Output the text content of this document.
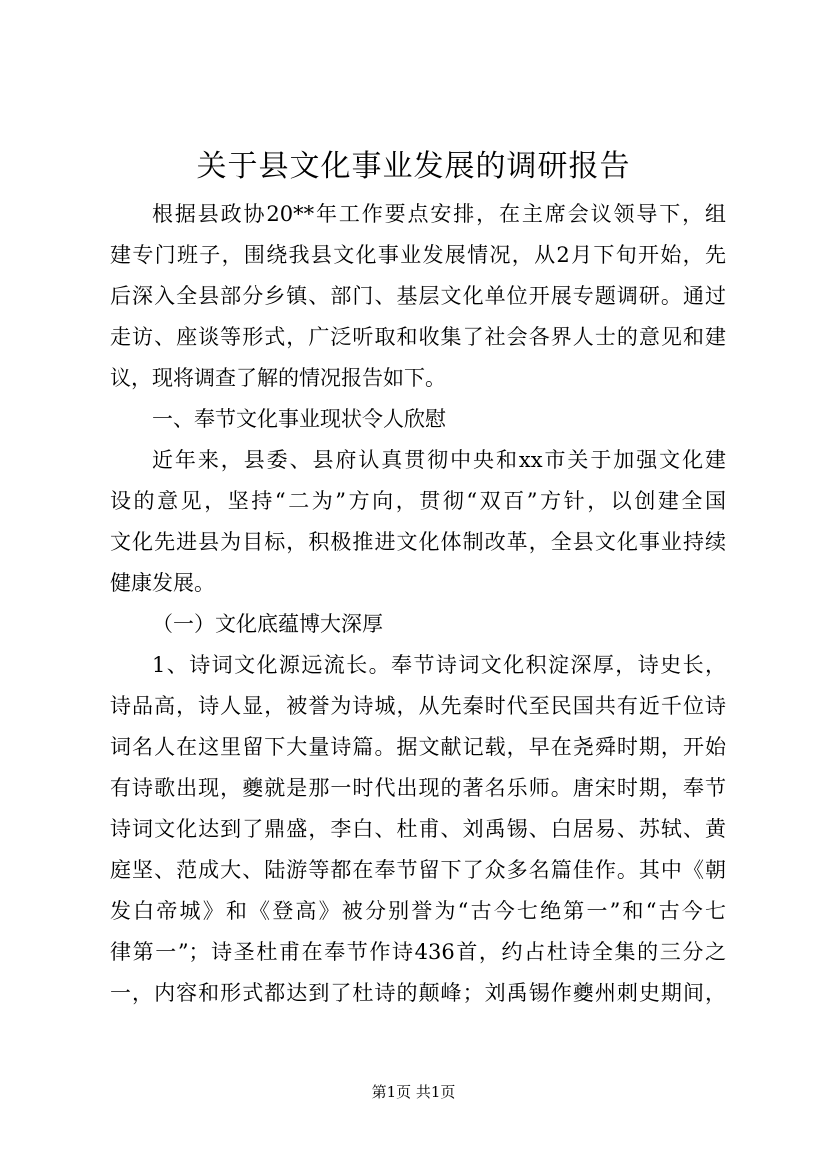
关于县文化事业发展的调研报告
根据县政协20**年工作要点安排，在主席会议领导下，组
建专门班子，围绕我县文化事业发展情况，从2月下旬开始，先
后深入全县部分乡镇、部门、基层文化单位开展专题调研。通过
走访、座谈等形式，广泛听取和收集了社会各界人士的意见和建
议，现将调查了解的情况报告如下。
一、奉节文化事业现状令人欣慰
近年来，县委、县府认真贯彻中央和xx市关于加强文化建
设的意见，坚持“二为”方向，贯彻“双百”方针，以创建全国
文化先进县为目标，积极推进文化体制改革，全县文化事业持续
健康发展。
（一）文化底蕴博大深厚
1、诗词文化源远流长。奉节诗词文化积淀深厚，诗史长，
诗品高，诗人显，被誉为诗城，从先秦时代至民国共有近千位诗
词名人在这里留下大量诗篇。据文献记载，早在尧舜时期，开始
有诗歌出现，夔就是那一时代出现的著名乐师。唐宋时期，奉节
诗词文化达到了鼎盛，李白、杜甫、刘禹锡、白居易、苏轼、黄
庭坚、范成大、陆游等都在奉节留下了众多名篇佳作。其中《朝
发白帝城》和《登高》被分别誉为“古今七绝第一”和“古今七
律第一”；诗圣杜甫在奉节作诗436首，约占杜诗全集的三分之
一，内容和形式都达到了杜诗的颠峰；刘禹锡作夔州刺史期间，
第1页 共1页
